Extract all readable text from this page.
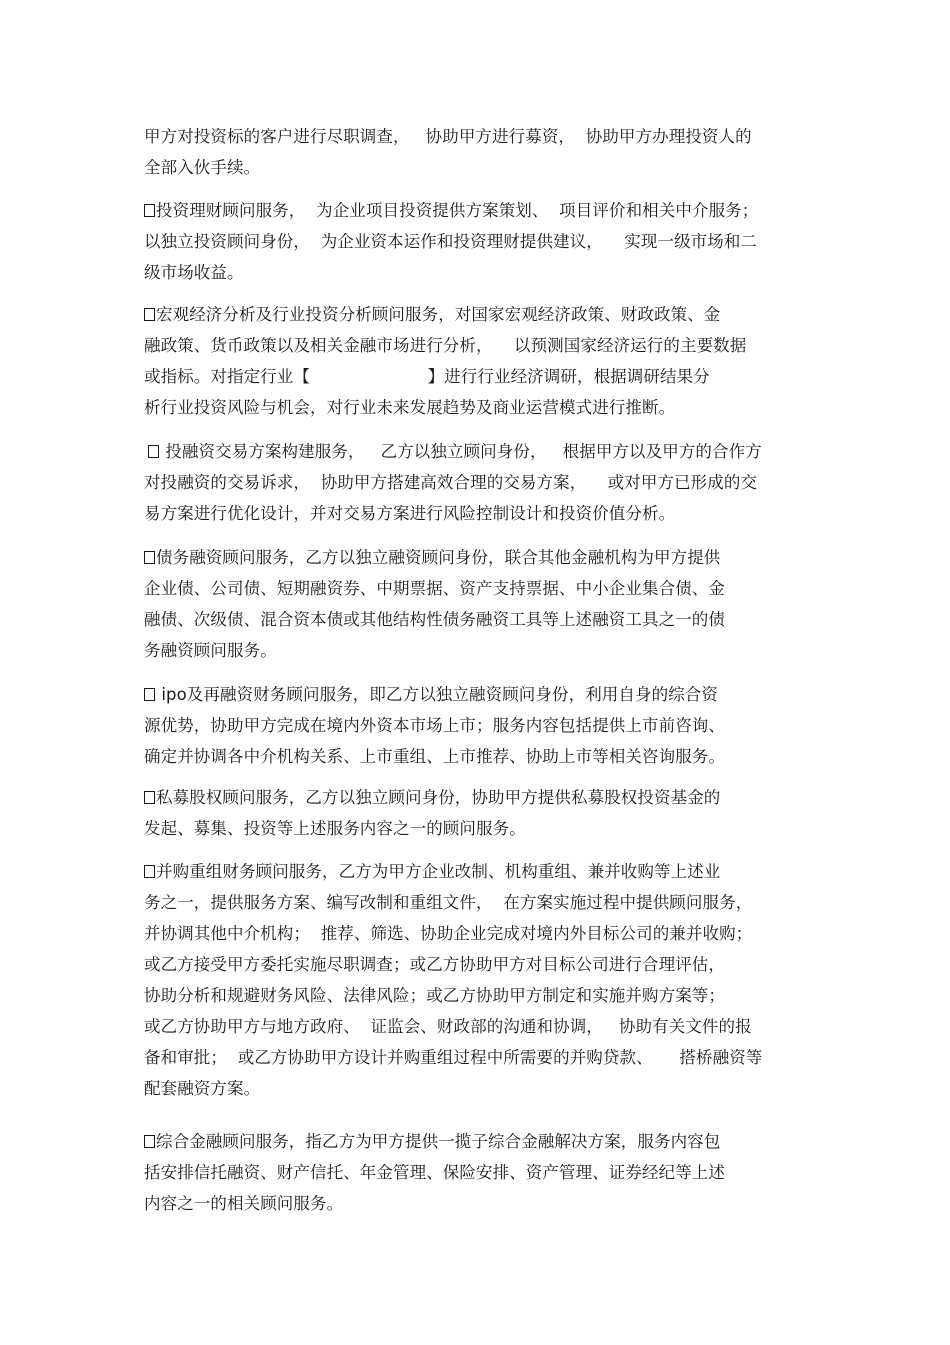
甲方对投资标的客户进行尽职调查，   协助甲方进行募资，  协助甲方办理投资人的
全部入伙手续。
投资理财顾问服务，  为企业项目投资提供方案策划、  项目评价和相关中介服务；
以独立投资顾问身份，  为企业资本运作和投资理财提供建议，    实现一级市场和二
级市场收益。
宏观经济分析及行业投资分析顾问服务，对国家宏观经济政策、财政政策、金
融政策、货币政策以及相关金融市场进行分析，    以预测国家经济运行的主要数据
或指标。对指定行业【                      】进行行业经济调研，根据调研结果分
析行业投资风险与机会，对行业未来发展趋势及商业运营模式进行推断。
投融资交易方案构建服务，   乙方以独立顾问身份，   根据甲方以及甲方的合作方
对投融资的交易诉求，  协助甲方搭建高效合理的交易方案，    或对甲方已形成的交
易方案进行优化设计，并对交易方案进行风险控制设计和投资价值分析。
债务融资顾问服务，乙方以独立融资顾问身份，联合其他金融机构为甲方提供
企业债、公司债、短期融资券、中期票据、资产支持票据、中小企业集合债、金
融债、次级债、混合资本债或其他结构性债务融资工具等上述融资工具之一的债
务融资顾问服务。
ipo及再融资财务顾问服务，即乙方以独立融资顾问身份，利用自身的综合资
源优势，协助甲方完成在境内外资本市场上市；服务内容包括提供上市前咨询、
确定并协调各中介机构关系、上市重组、上市推荐、协助上市等相关咨询服务。
私募股权顾问服务，乙方以独立顾问身份，协助甲方提供私募股权投资基金的
发起、募集、投资等上述服务内容之一的顾问服务。
并购重组财务顾问服务，乙方为甲方企业改制、机构重组、兼并收购等上述业
务之一，提供服务方案、编写改制和重组文件，  在方案实施过程中提供顾问服务，
并协调其他中介机构；  推荐、筛选、协助企业完成对境内外目标公司的兼并收购；
或乙方接受甲方委托实施尽职调查；或乙方协助甲方对目标公司进行合理评估，
协助分析和规避财务风险、法律风险；或乙方协助甲方制定和实施并购方案等；
或乙方协助甲方与地方政府、  证监会、财政部的沟通和协调，   协助有关文件的报
备和审批；  或乙方协助甲方设计并购重组过程中所需要的并购贷款、     搭桥融资等
配套融资方案。
综合金融顾问服务，指乙方为甲方提供一揽子综合金融解决方案，服务内容包
括安排信托融资、财产信托、年金管理、保险安排、资产管理、证券经纪等上述
内容之一的相关顾问服务。
